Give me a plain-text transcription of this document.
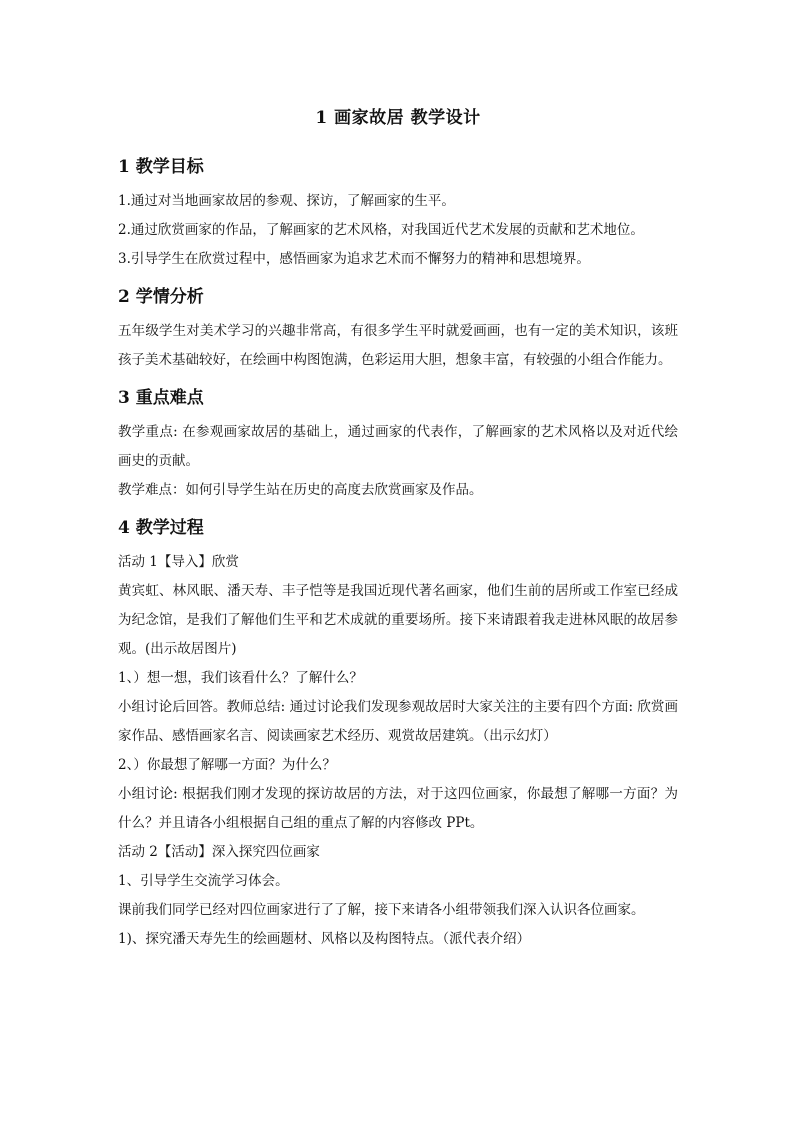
1 画家故居 教学设计
1 教学目标

1.通过对当地画家故居的参观、探访，了解画家的生平。

2.通过欣赏画家的作品，了解画家的艺术风格，对我国近代艺术发展的贡献和艺术地位。

3.引导学生在欣赏过程中，感悟画家为追求艺术而不懈努力的精神和思想境界。

2 学情分析

五年级学生对美术学习的兴趣非常高，有很多学生平时就爱画画，也有一定的美术知识，该班孩子美术基础较好，在绘画中构图饱满，色彩运用大胆，想象丰富，有较强的小组合作能力。

3 重点难点

教学重点: 在参观画家故居的基础上，通过画家的代表作，了解画家的艺术风格以及对近代绘画史的贡献。

教学难点：如何引导学生站在历史的高度去欣赏画家及作品。

4 教学过程

活动 1【导入】欣赏

黄宾虹、林风眠、潘天寿、丰子恺等是我国近现代著名画家，他们生前的居所或工作室已经成为纪念馆，是我们了解他们生平和艺术成就的重要场所。接下来请跟着我走进林风眠的故居参观。(出示故居图片)

1、）想一想，我们该看什么？了解什么？

小组讨论后回答。教师总结: 通过讨论我们发现参观故居时大家关注的主要有四个方面: 欣赏画家作品、感悟画家名言、阅读画家艺术经历、观赏故居建筑。（出示幻灯）

2、）你最想了解哪一方面？为什么？

小组讨论: 根据我们刚才发现的探访故居的方法，对于这四位画家，你最想了解哪一方面？为什么？并且请各小组根据自己组的重点了解的内容修改 PPt。

活动 2【活动】深入探究四位画家

1、引导学生交流学习体会。

课前我们同学已经对四位画家进行了了解，接下来请各小组带领我们深入认识各位画家。

1)、探究潘天寿先生的绘画题材、风格以及构图特点。（派代表介绍）
